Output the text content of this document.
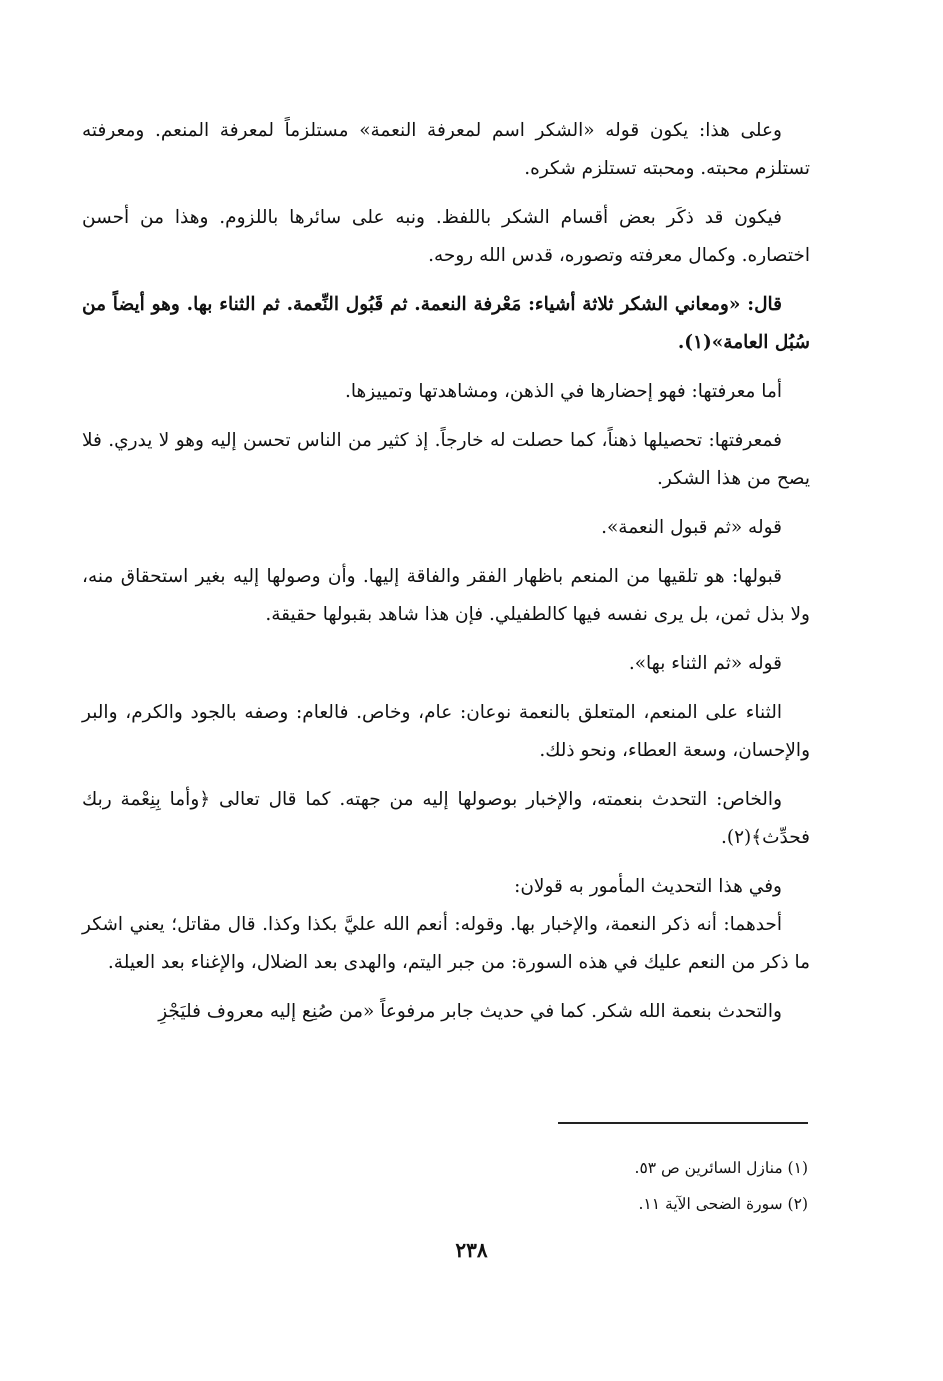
وعلى هذا: يكون قوله «الشكر اسم لمعرفة النعمة» مستلزماً لمعرفة المنعم. ومعرفته تستلزم محبته. ومحبته تستلزم شكره.

فيكون قد ذكَر بعض أقسام الشكر باللفظ. ونبه على سائرها باللزوم. وهذا من أحسن اختصاره. وكمال معرفته وتصوره، قدس الله روحه.

قال: «ومعاني الشكر ثلاثة أشياء: مَعْرفة النعمة. ثم قَبُول النِّعمة. ثم الثناء بها. وهو أيضاً من سُبُل العامة»(١).

أما معرفتها: فهو إحضارها في الذهن، ومشاهدتها وتمييزها.

فمعرفتها: تحصيلها ذهناً، كما حصلت له خارجاً. إذ كثير من الناس تحسن إليه وهو لا يدري. فلا يصح من هذا الشكر.

قوله «ثم قبول النعمة».

قبولها: هو تلقيها من المنعم باظهار الفقر والفاقة إليها. وأن وصولها إليه بغير استحقاق منه، ولا بذل ثمن، بل يرى نفسه فيها كالطفيلي. فإن هذا شاهد بقبولها حقيقة.

قوله «ثم الثناء بها».

الثناء على المنعم، المتعلق بالنعمة نوعان: عام، وخاص. فالعام: وصفه بالجود والكرم، والبر والإحسان، وسعة العطاء، ونحو ذلك.

والخاص: التحدث بنعمته، والإخبار بوصولها إليه من جهته. كما قال تعالى ﴿وأما بِنِعْمة ربك فحدِّث﴾(٢).

وفي هذا التحديث المأمور به قولان:

أحدهما: أنه ذكر النعمة، والإخبار بها. وقوله: أنعم الله عليَّ بكذا وكذا. قال مقاتل؛ يعني اشكر ما ذكر من النعم عليك في هذه السورة: من جبر اليتم، والهدى بعد الضلال، والإغناء بعد العيلة.

والتحدث بنعمة الله شكر. كما في حديث جابر مرفوعاً «من صُنِع إليه معروف فليَجْزِ

(١) منازل السائرين ص ٥٣.

(٢) سورة الضحى الآية ١١.

٢٣٨
